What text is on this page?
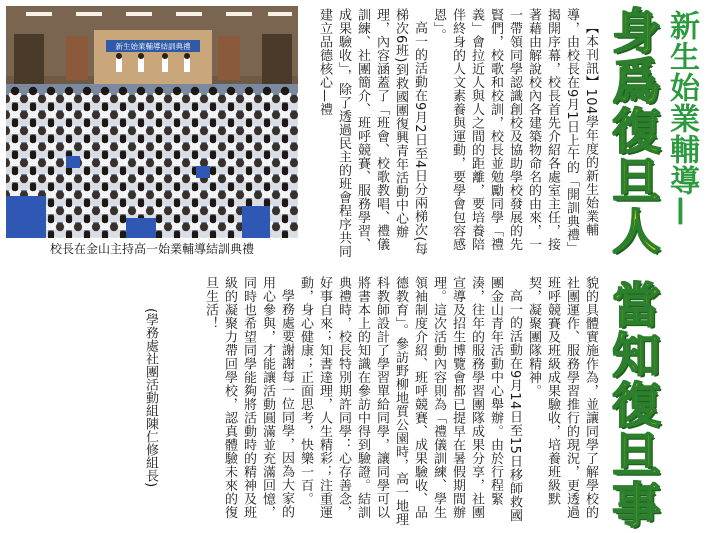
新生始業輔導結訓典禮
校長在金山主持高一始業輔導結訓典禮
新生始業輔導—
身爲復旦人
當知復旦事

【本刊訊】104學年度的新生始業輔導，由校長在9月1日上午的「開訓典禮」揭開序幕，校長首先介紹各處室主任，接著藉由解說校內各建築物命名的由來，一一帶領同學認識創校及協助學校發展的先賢們，校歌和校訓，校長並勉勵同學「禮義」會拉近人與人之間的距離，要培養陪伴終身的人文素養與運動，要學會包容感恩」。

高一的活動在9月2日至4日分兩梯次(每梯次6班)到救國團復興青年活動中心辦理，內容涵蓋了「班會、校歌教唱、禮儀訓練、社團簡介、班呼競賽、服務學習、成果驗收」，除了透過民主的班會程序共同建立品德核心—禮

貌的具體實施作為，並讓同學了解學校的社團運作、服務學習推行的現況，更透過班呼競賽及班級成果驗收，培養班級默契，凝聚團隊精神。

高一的活動在9月14日至15日移師救國團金山青年活動中心舉辦。由於行程緊湊，往年的服務學習團隊成果分享，社團宣導及招生博覽會都已提早在暑假期間辦理。這次活動內容則為「禮儀訓練、學生領袖制度介紹、班呼競賽、成果驗收、品德教育」。參訪野柳地質公園時，高一地理科教師設計了學習單給同學，讓同學可以將書本上的知識在參訪中得到驗證。結訓典禮時，校長特別期許同學：心存善念，好事自來；知書達理，人生精彩；注重運動，身心健康；正面思考，快樂一百。

學務處要謝謝每一位同學，因為大家的用心參與，才能讓活動圓滿並充滿回憶，同時也希望同學能夠將活動時的精神及班級的凝聚力帶回學校，認真體驗未來的復旦生活！

(學務處社團活動組陳仁修組長)
